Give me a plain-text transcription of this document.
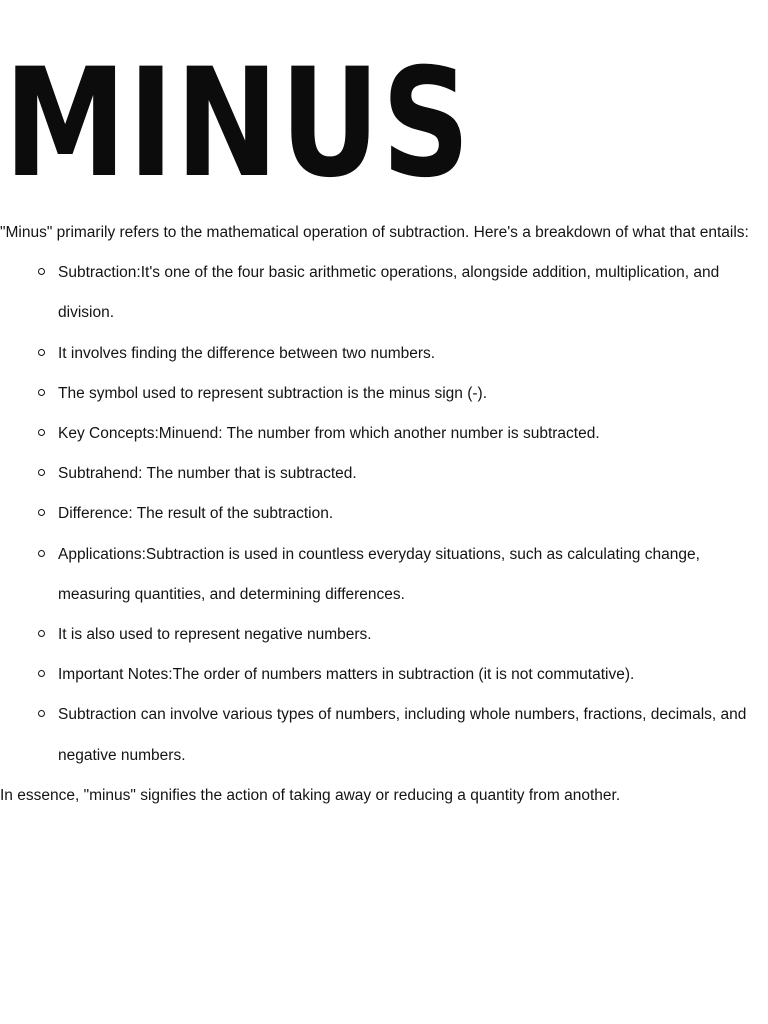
MINUS

"Minus" primarily refers to the mathematical operation of subtraction. Here's a breakdown of what that entails:

Subtraction:It's one of the four basic arithmetic operations, alongside addition, multiplication, and division.
It involves finding the difference between two numbers.
The symbol used to represent subtraction is the minus sign (-).
Key Concepts:Minuend: The number from which another number is subtracted.
Subtrahend: The number that is subtracted.
Difference: The result of the subtraction.
Applications:Subtraction is used in countless everyday situations, such as calculating change, measuring quantities, and determining differences.
It is also used to represent negative numbers.
Important Notes:The order of numbers matters in subtraction (it is not commutative).
Subtraction can involve various types of numbers, including whole numbers, fractions, decimals, and negative numbers.

In essence, "minus" signifies the action of taking away or reducing a quantity from another.
